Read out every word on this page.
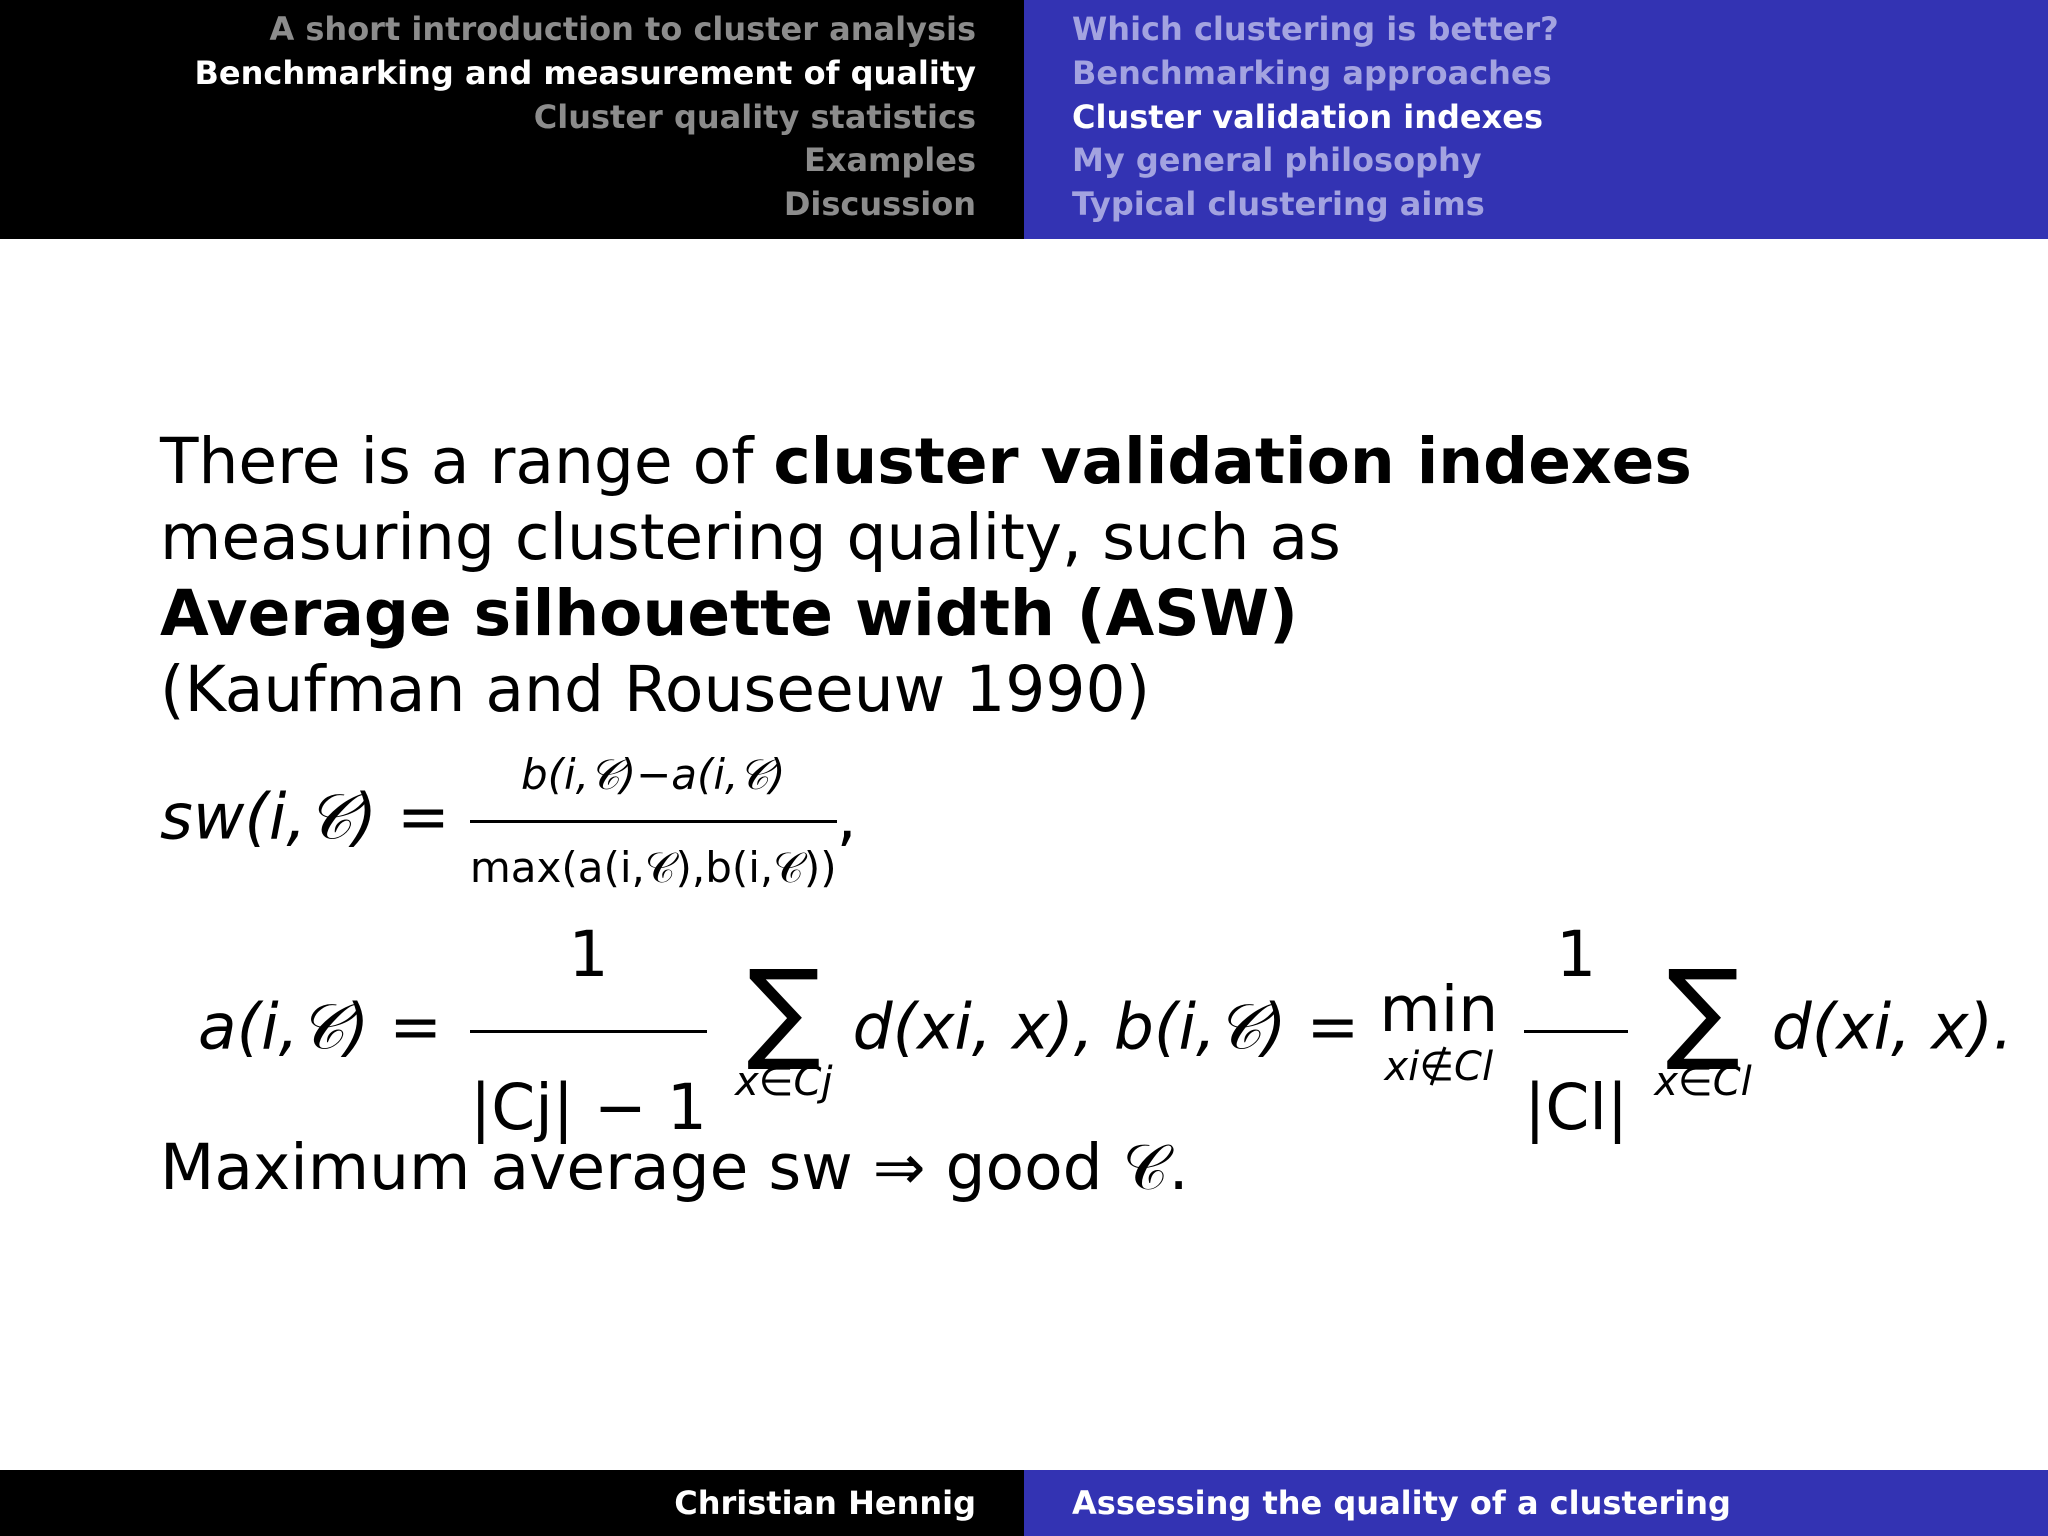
A short introduction to cluster analysis
Benchmarking and measurement of quality
Cluster quality statistics
Examples
Discussion
Which clustering is better?
Benchmarking approaches
Cluster validation indexes
My general philosophy
Typical clustering aims
There is a range of cluster validation indexes
measuring clustering quality, such as
Average silhouette width (ASW)
(Kaufman and Rouseeuw 1990)
sw(i,𝒞) = $\frac{\text{b(i,𝒞)−a(i,𝒞)}}{\text{max(a(i,𝒞),b(i,𝒞))}}$ ,
a(i,𝒞) = $\frac{1}{|Cj| - 1}$
∑
x∈Cj
d(xi, x), b(i,𝒞) = min
xi∉Cl
$\frac{1}{|Cl|}$
∑
x∈Cl
d(xi, x).
Maximum average sw ⇒ good 𝒞.
Christian Hennig	Assessing the quality of a clustering
